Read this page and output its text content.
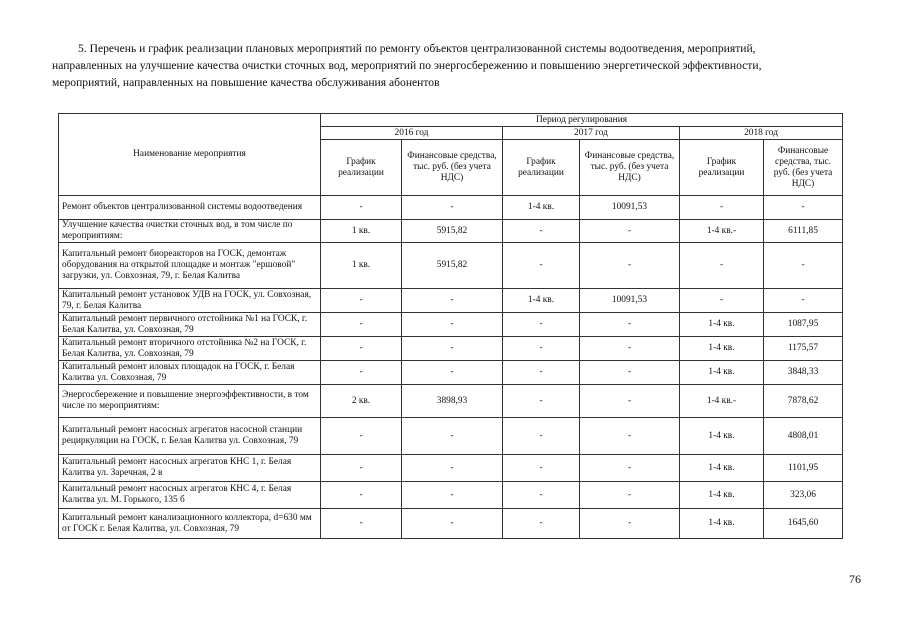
5. Перечень и график реализации плановых мероприятий по ремонту объектов централизованной системы водоотведения, мероприятий,
направленных на улучшение качества очистки сточных вод, мероприятий по энергосбережению и повышению энергетической эффективности,
мероприятий, направленных на повышение качества обслуживания абонентов
Наименование мероприятия	Период регулирования					
	2016 год		2017 год		2018 год	
	График реализации	Финансовые средства, тыс. руб. (без учета НДС)	График реализации	Финансовые средства, тыс. руб. (без учета НДС)	График реализации	Финансовые средства, тыс. руб. (без учета НДС)
Ремонт объектов централизованной системы водоотведения	-	-	1-4 кв.	10091,53	-	-
Улучшение качества очистки сточных вод, в том числе по мероприятиям:	1 кв.	5915,82	-	-	1-4 кв.-	6111,85
Капитальный ремонт биореакторов на ГОСК, демонтаж оборудования на открытой площадке и монтаж "ершовой" загрузки, ул. Совхозная, 79, г. Белая Калитва	1 кв.	5915,82	-	-	-	-
Капитальный ремонт установок УДВ на ГОСК, ул. Совхозная, 79, г. Белая Калитва	-	-	1-4 кв.	10091,53	-	-
Капитальный ремонт первичного отстойника №1 на ГОСК, г. Белая Калитва, ул. Совхозная, 79	-	-	-	-	1-4 кв.	1087,95
Капитальный ремонт вторичного отстойника №2 на ГОСК, г. Белая Калитва, ул. Совхозная, 79	-	-	-	-	1-4 кв.	1175,57
Капитальный ремонт иловых площадок на ГОСК, г. Белая Калитва ул. Совхозная, 79	-	-	-	-	1-4 кв.	3848,33
Энергосбережение и повышение энергоэффективности, в том числе по мероприятиям:	2 кв.	3898,93	-	-	1-4 кв.-	7878,62
Капитальный ремонт насосных агрегатов насосной станции рециркуляции на ГОСК, г. Белая Калитва ул. Совхозная, 79	-	-	-	-	1-4 кв.	4808,01
Капитальный ремонт насосных агрегатов КНС 1, г. Белая Калитва ул. Заречная, 2 в	-	-	-	-	1-4 кв.	1101,95
Капитальный ремонт насосных агрегатов КНС 4, г. Белая Калитва ул. М. Горького, 135 б	-	-	-	-	1-4 кв.	323,06
Капитальный ремонт канализационного коллектора, d=630 мм от ГОСК г. Белая Калитва, ул. Совхозная, 79	-	-	-	-	1-4 кв.	1645,60
76
